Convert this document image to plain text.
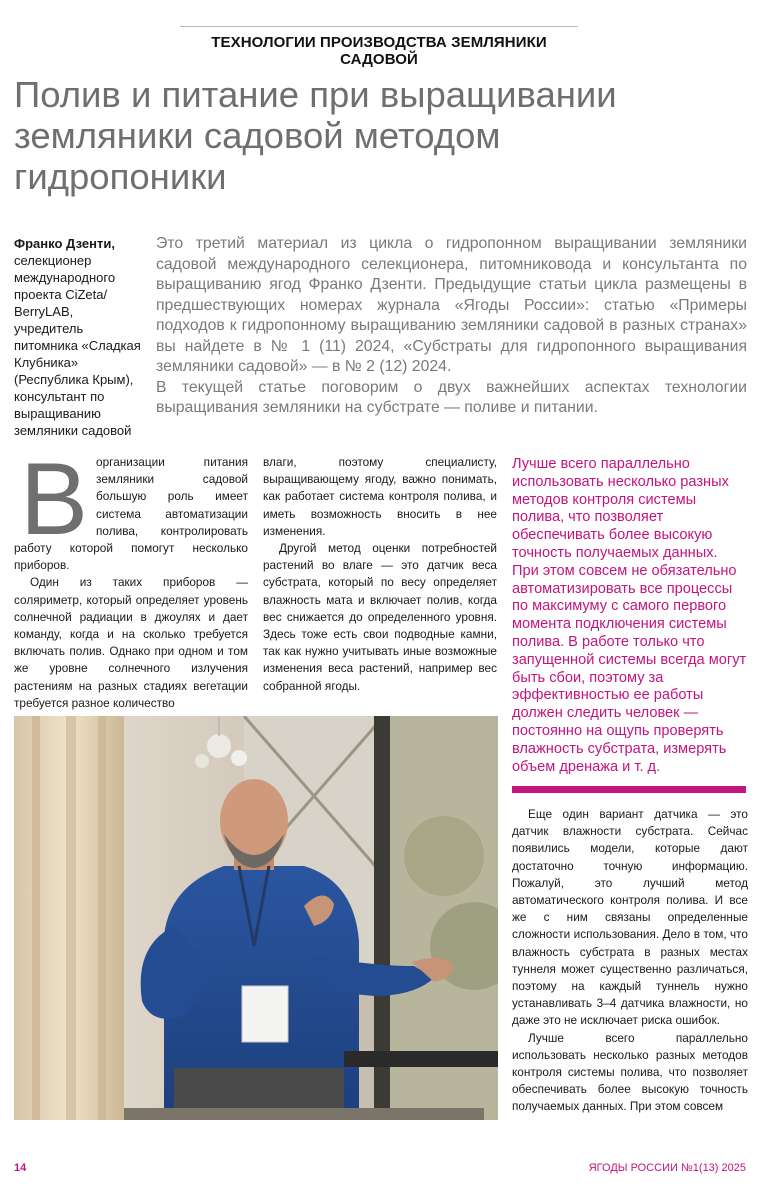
ТЕХНОЛОГИИ ПРОИЗВОДСТВА ЗЕМЛЯНИКИ САДОВОЙ
Полив и питание при выращивании
земляники садовой методом
гидропоники
Франко Дзенти,
селекционер международного проекта CiZeta/ BerryLAB, учредитель питомника «Сладкая Клубника» (Республика Крым), консультант по выращиванию земляники садовой

Это третий материал из цикла о гидропонном выращивании земляники садовой международного селекционера, питомниковода и консультанта по выращиванию ягод Франко Дзенти. Предыдущие статьи цикла размещены в предшествующих номерах журнала «Ягоды России»: статью «Примеры подходов к гидропонному выращиванию земляники садовой в разных странах» вы найдете в № 1 (11) 2024, «Субстраты для гидропонного выращивания земляники садовой» — в № 2 (12) 2024.

В текущей статье поговорим о двух важнейших аспектах технологии выращивания земляники на субстрате — поливе и питании.

Ворганизации питания земляники садовой большую роль имеет система автоматизации полива, контролировать работу которой помогут несколько приборов.

Один из таких приборов — соляриметр, который определяет уровень солнечной радиации в джоулях и дает команду, когда и на сколько требуется включать полив. Однако при одном и том же уровне солнечного излучения растениям на разных стадиях вегетации требуется разное количество

влаги, поэтому специалисту, выращивающему ягоду, важно понимать, как работает система контроля полива, и иметь возможность вносить в нее изменения.

Другой метод оценки потребностей растений во влаге — это датчик веса субстрата, который по весу определяет влажность мата и включает полив, когда вес снижается до определенного уровня. Здесь тоже есть свои подводные камни, так как нужно учитывать иные возможные изменения веса растений, например вес собранной ягоды.

Лучше всего параллельно использовать несколько разных методов контроля системы полива, что позволяет обеспечивать более высокую точность получаемых данных. При этом совсем не обязательно автоматизировать все процессы по максимуму с самого первого момента подключения системы полива. В работе только что запущенной системы всегда могут быть сбои, поэтому за эффективностью ее работы должен следить человек — постоянно на ощупь проверять влажность субстрата, измерять объем дренажа и т. д.

Еще один вариант датчика — это датчик влажности субстрата. Сейчас появились модели, которые дают достаточно точную информацию. Пожалуй, это лучший метод автоматического контроля полива. И все же с ним связаны определенные сложности использования. Дело в том, что влажность субстрата в разных местах туннеля может существенно различаться, поэтому на каждый туннель нужно устанавливать 3–4 датчика влажности, но даже это не исключает риска ошибок.

Лучше всего параллельно использовать несколько разных методов контроля системы полива, что позволяет обеспечивать более высокую точность получаемых данных. При этом совсем

14	ЯГОДЫ РОССИИ №1(13) 2025
